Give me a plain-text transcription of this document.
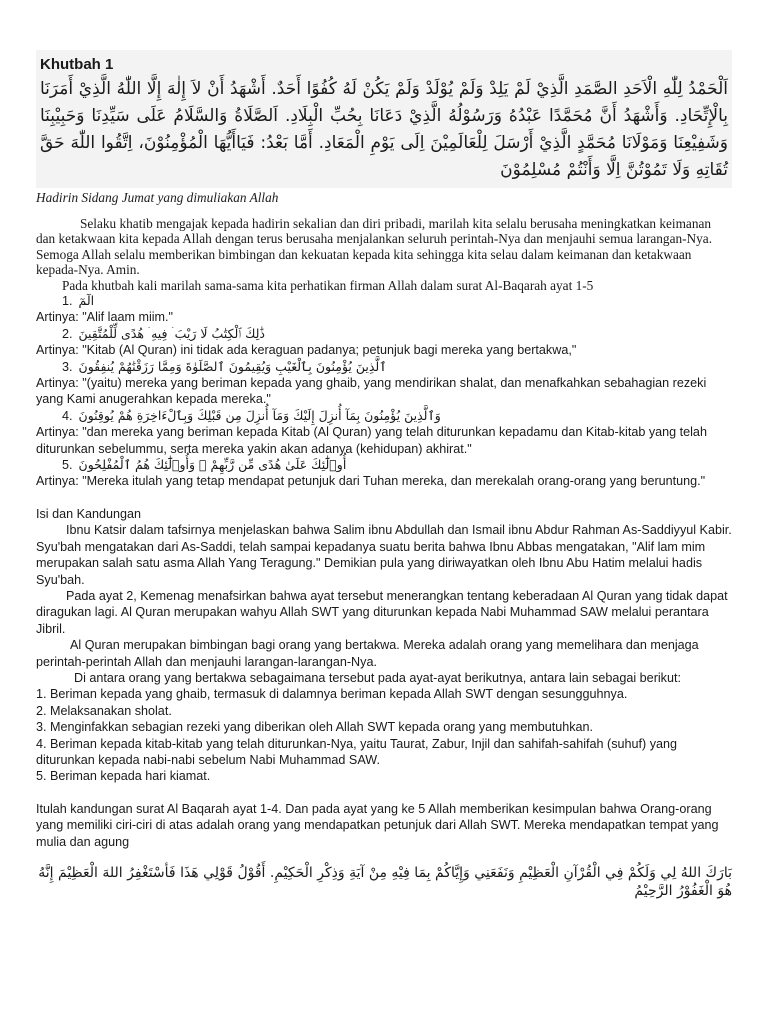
Khutbah 1

اَلْحَمْدُ لِلّٰهِ الْاَحَدِ الصَّمَدِ الَّذِيْ لَمْ يَلِدْ وَلَمْ يُوْلَدْ وَلَمْ يَكُنْ لَهُ كُفُوًا أَحَدٌ. أَشْهَدُ أَنْ لاَ إِلٰهَ إِلَّا اللّٰهُ الَّذِيْ أَمَرَنَا بِالْإِتِّحَادِ. وَأَشْهَدُ أَنَّ مُحَمَّدًا عَبْدُهُ وَرَسُوْلُهُ الَّذِيْ دَعَانَا بِحُبِّ الْبِلَادِ. اَلصَّلَاةُ وَالسَّلَامُ عَلَى سَيِّدِنَا وَحَبِيْبِنَا وَشَفِيْعِنَا وَمَوْلَانَا مُحَمَّدٍ الَّذِيْ أَرْسَلَ لِلْعَالَمِيْنَ اِلَى يَوْمِ الْمَعَادِ. أَمَّا بَعْدُ: فَيَاأَيُّهَا الْمُؤْمِنُوْنَ، اِتَّقُوا اللّٰهَ حَقَّ تُقَاتِهِ وَلَا تَمُوْتُنَّ اِلَّا وَأَنْتُمْ مُسْلِمُوْنَ

Hadirin Sidang Jumat yang dimuliakan Allah

Selaku khatib mengajak kepada hadirin sekalian dan diri pribadi, marilah kita selalu berusaha meningkatkan keimanan dan ketakwaan kita kepada Allah dengan terus berusaha menjalankan seluruh perintah-Nya dan menjauhi semua larangan-Nya. Semoga Allah selalu memberikan bimbingan dan kekuatan kepada kita sehingga kita selau dalam keimanan dan ketakwaan kepada-Nya. Amin.

Pada khutbah kali marilah sama-sama kita perhatikan firman Allah dalam surat Al-Baqarah ayat 1-5

1. الٓمٓ

Artinya: "Alif laam miim."

2. ذَٰلِكَ ٱلْكِتَٰبُ لَا رَيْبَ ۛ فِيهِ ۛ هُدًى لِّلْمُتَّقِينَ

Artinya: "Kitab (Al Quran) ini tidak ada keraguan padanya; petunjuk bagi mereka yang bertakwa,"

3. ٱلَّذِينَ يُؤْمِنُونَ بِٱلْغَيْبِ وَيُقِيمُونَ ٱلصَّلَوٰةَ وَمِمَّا رَزَقْنَٰهُمْ يُنفِقُونَ

Artinya: "(yaitu) mereka yang beriman kepada yang ghaib, yang mendirikan shalat, dan menafkahkan sebahagian rezeki yang Kami anugerahkan kepada mereka."

4. وَٱلَّذِينَ يُؤْمِنُونَ بِمَآ أُنزِلَ إِلَيْكَ وَمَآ أُنزِلَ مِن قَبْلِكَ وَبِٱلْءَاخِرَةِ هُمْ يُوقِنُونَ

Artinya: "dan mereka yang beriman kepada Kitab (Al Quran) yang telah diturunkan kepadamu dan Kitab-kitab yang telah diturunkan sebelummu, serta mereka yakin akan adanya (kehidupan) akhirat."

5. أُو۟لَٰٓئِكَ عَلَىٰ هُدًى مِّن رَّبِّهِمْ ۖ وَأُو۟لَٰٓئِكَ هُمُ ٱلْمُفْلِحُونَ

Artinya: "Mereka itulah yang tetap mendapat petunjuk dari Tuhan mereka, dan merekalah orang-orang yang beruntung."

Isi dan Kandungan

Ibnu Katsir dalam tafsirnya menjelaskan bahwa Salim ibnu Abdullah dan Ismail ibnu Abdur Rahman As-Saddiyyul Kabir. Syu'bah mengatakan dari As-Saddi, telah sampai kepadanya suatu berita bahwa Ibnu Abbas mengatakan, "Alif lam mim merupakan salah satu asma Allah Yang Teragung." Demikian pula yang diriwayatkan oleh Ibnu Abu Hatim melalui hadis Syu'bah.

Pada ayat 2, Kemenag menafsirkan bahwa ayat tersebut menerangkan tentang keberadaan Al Quran yang tidak dapat diragukan lagi. Al Quran merupakan wahyu Allah SWT yang diturunkan kepada Nabi Muhammad SAW melalui perantara Jibril.

Al Quran merupakan bimbingan bagi orang yang bertakwa. Mereka adalah orang yang memelihara dan menjaga perintah-perintah Allah dan menjauhi larangan-larangan-Nya.

Di antara orang yang bertakwa sebagaimana tersebut pada ayat-ayat berikutnya, antara lain sebagai berikut:

1. Beriman kepada yang ghaib, termasuk di dalamnya beriman kepada Allah SWT dengan sesungguhnya.

2. Melaksanakan sholat.

3. Menginfakkan sebagian rezeki yang diberikan oleh Allah SWT kepada orang yang membutuhkan.

4. Beriman kepada kitab-kitab yang telah diturunkan-Nya, yaitu Taurat, Zabur, Injil dan sahifah-sahifah (suhuf) yang diturunkan kepada nabi-nabi sebelum Nabi Muhammad SAW.

5. Beriman kepada hari kiamat.

Itulah kandungan surat Al Baqarah ayat 1-4. Dan pada ayat yang ke 5 Allah memberikan kesimpulan bahwa Orang-orang yang memiliki ciri-ciri di atas adalah orang yang mendapatkan petunjuk dari Allah SWT. Mereka mendapatkan tempat yang mulia dan agung

بَارَكَ اللهُ لِي وَلَكُمْ فِي الْقُرْآنِ الْعَظِيْمِ وَنَفَعَنِي وَإِيَّاكُمْ بِمَا فِيْهِ مِنْ آيَةِ وَذِكْرِ الْحَكِيْمِ. أَقُوْلُ قَوْلِي هَذَا فَأسْتَغْفِرُ اللهَ الْعَظِيْمَ إِنَّهُ هُوَ الْغَفُوْرُ الرَّحِيْمُ
